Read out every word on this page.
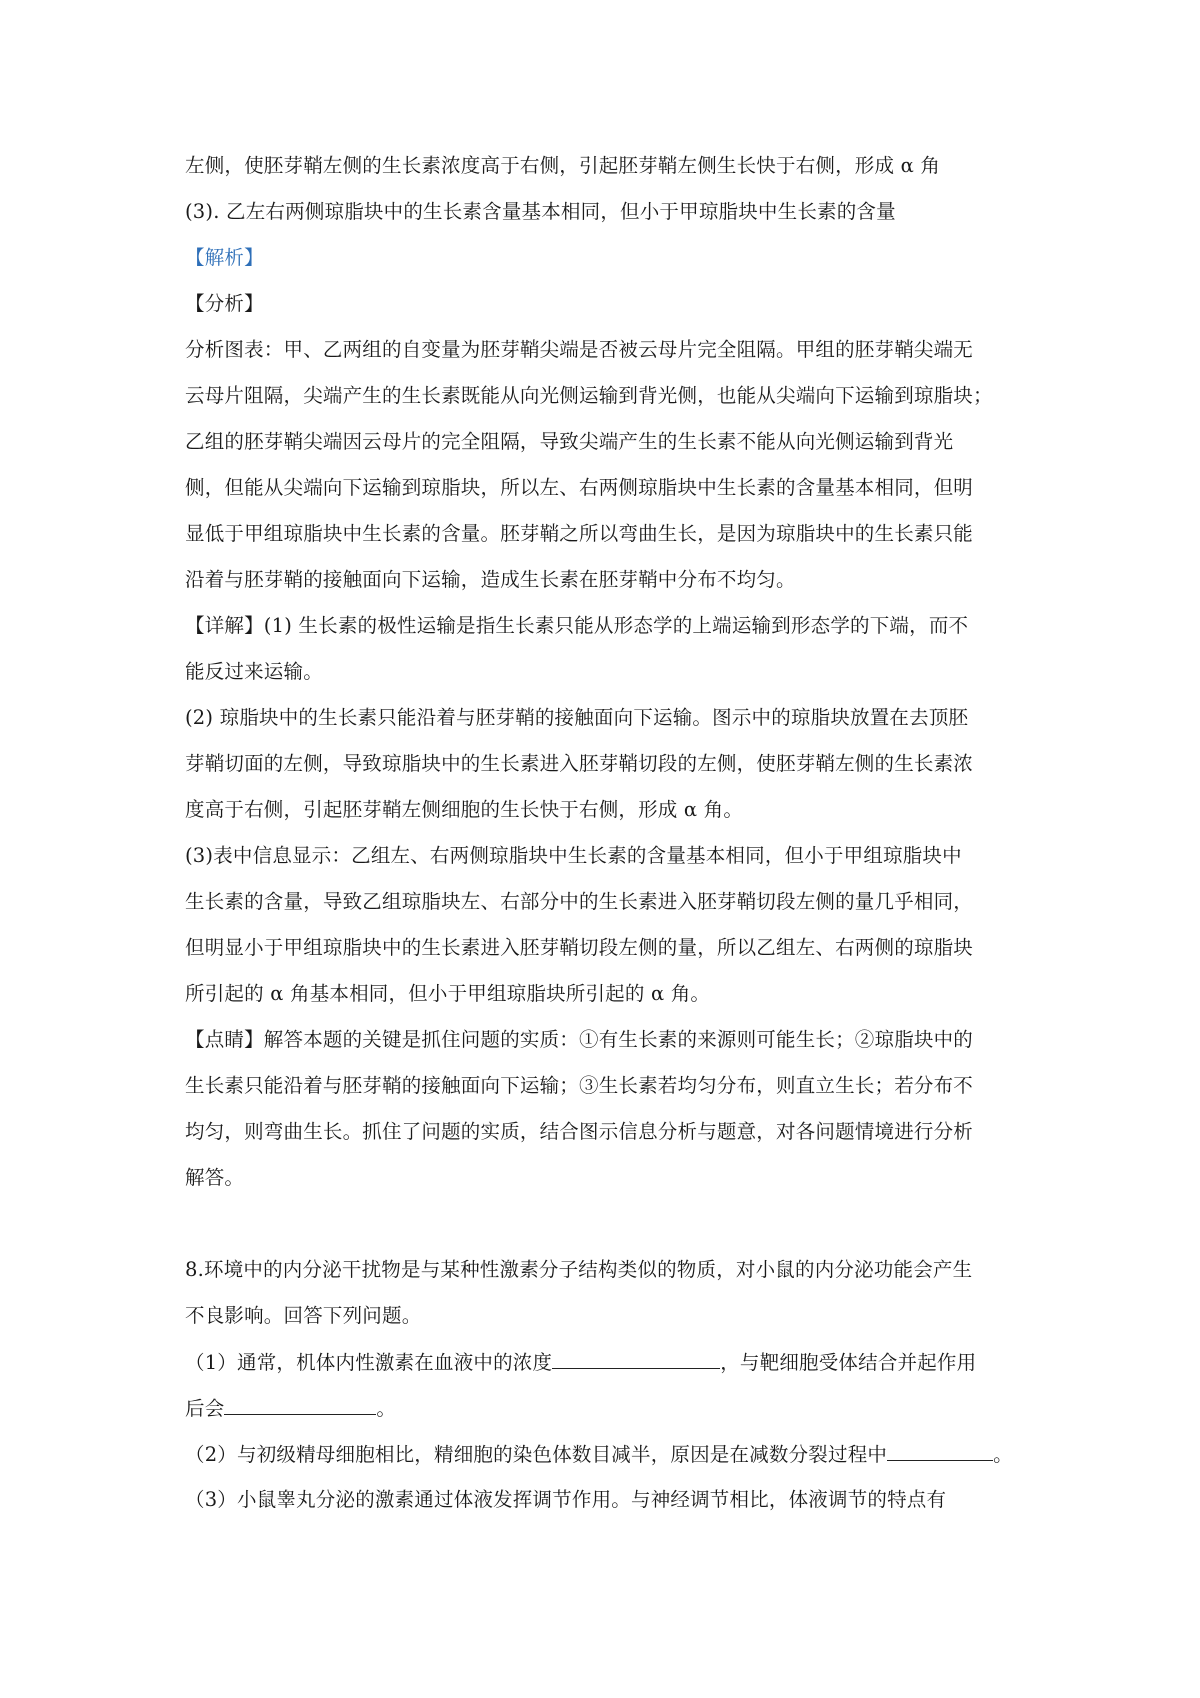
左侧，使胚芽鞘左侧的生长素浓度高于右侧，引起胚芽鞘左侧生长快于右侧，形成 α 角

(3). 乙左右两侧琼脂块中的生长素含量基本相同，但小于甲琼脂块中生长素的含量

【解析】

【分析】

分析图表：甲、乙两组的自变量为胚芽鞘尖端是否被云母片完全阻隔。甲组的胚芽鞘尖端无

云母片阻隔，尖端产生的生长素既能从向光侧运输到背光侧，也能从尖端向下运输到琼脂块；

乙组的胚芽鞘尖端因云母片的完全阻隔，导致尖端产生的生长素不能从向光侧运输到背光

侧，但能从尖端向下运输到琼脂块，所以左、右两侧琼脂块中生长素的含量基本相同，但明

显低于甲组琼脂块中生长素的含量。胚芽鞘之所以弯曲生长，是因为琼脂块中的生长素只能

沿着与胚芽鞘的接触面向下运输，造成生长素在胚芽鞘中分布不均匀。

【详解】(1) 生长素的极性运输是指生长素只能从形态学的上端运输到形态学的下端，而不

能反过来运输。

(2) 琼脂块中的生长素只能沿着与胚芽鞘的接触面向下运输。图示中的琼脂块放置在去顶胚

芽鞘切面的左侧，导致琼脂块中的生长素进入胚芽鞘切段的左侧，使胚芽鞘左侧的生长素浓

度高于右侧，引起胚芽鞘左侧细胞的生长快于右侧，形成 α 角。

(3)表中信息显示：乙组左、右两侧琼脂块中生长素的含量基本相同，但小于甲组琼脂块中

生长素的含量，导致乙组琼脂块左、右部分中的生长素进入胚芽鞘切段左侧的量几乎相同，

但明显小于甲组琼脂块中的生长素进入胚芽鞘切段左侧的量，所以乙组左、右两侧的琼脂块

所引起的 α 角基本相同，但小于甲组琼脂块所引起的 α 角。

【点睛】解答本题的关键是抓住问题的实质：①有生长素的来源则可能生长；②琼脂块中的

生长素只能沿着与胚芽鞘的接触面向下运输；③生长素若均匀分布，则直立生长；若分布不

均匀，则弯曲生长。抓住了问题的实质，结合图示信息分析与题意，对各问题情境进行分析

解答。

8.环境中的内分泌干扰物是与某种性激素分子结构类似的物质，对小鼠的内分泌功能会产生

不良影响。回答下列问题。

（1）通常，机体内性激素在血液中的浓度	，与靶细胞受体结合并起作用

后会	。

（2）与初级精母细胞相比，精细胞的染色体数目减半，原因是在减数分裂过程中	。

（3）小鼠睾丸分泌的激素通过体液发挥调节作用。与神经调节相比，体液调节的特点有
